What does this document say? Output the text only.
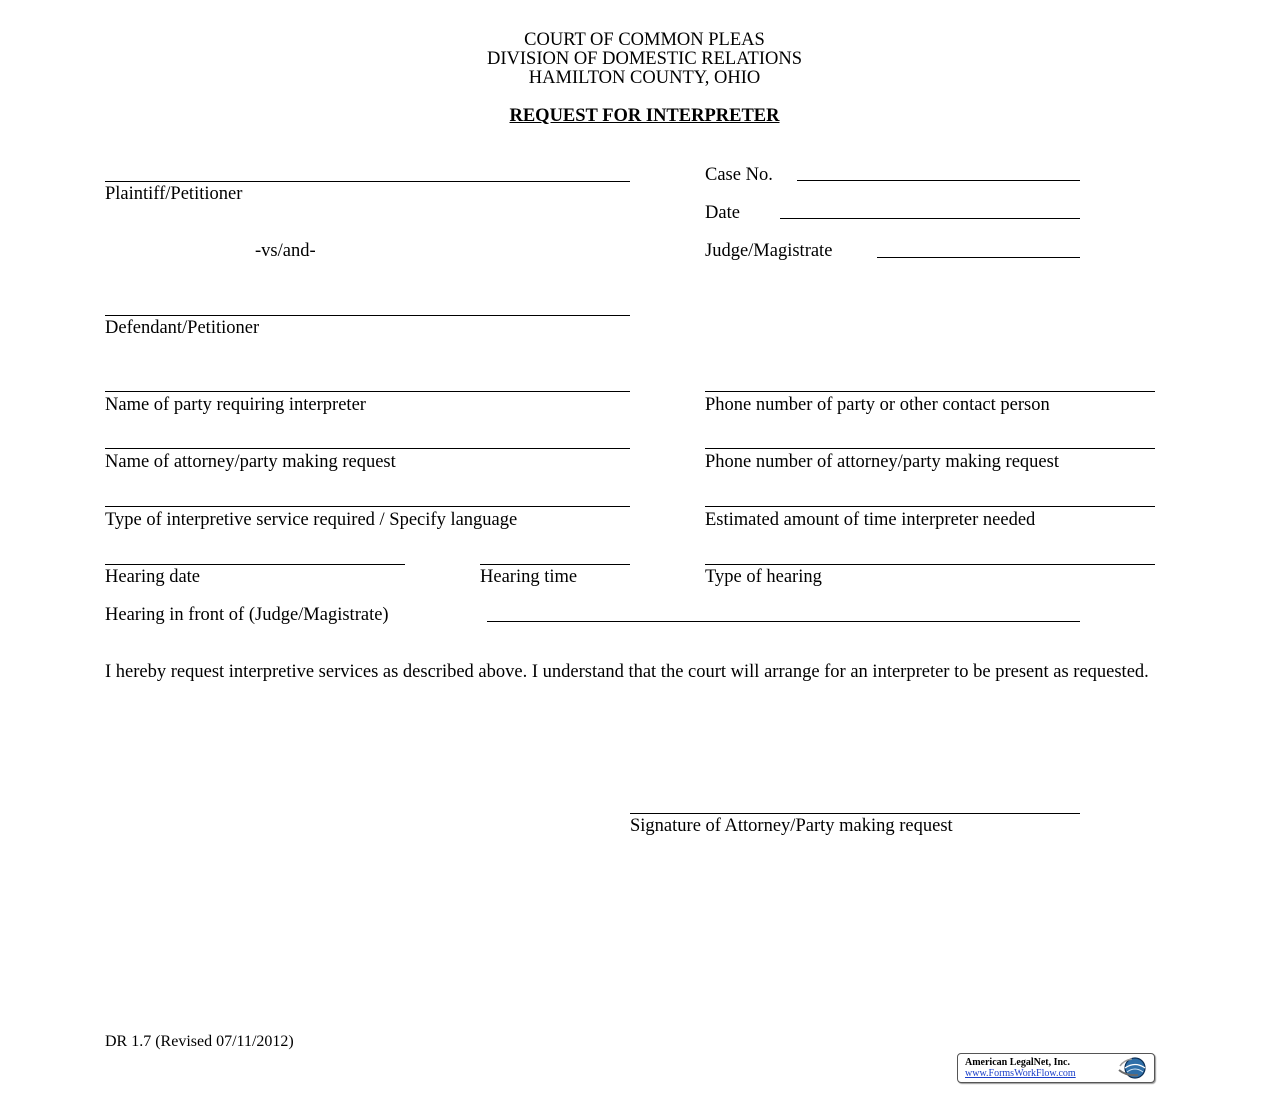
COURT OF COMMON PLEAS
DIVISION OF DOMESTIC RELATIONS
HAMILTON COUNTY, OHIO
REQUEST FOR INTERPRETER
Plaintiff/Petitioner
-vs/and-
Defendant/Petitioner
Case No.
Date
Judge/Magistrate
Name of party requiring interpreter	Phone number of party or other contact person
Name of attorney/party making request	Phone number of attorney/party making request
Type of interpretive service required / Specify language	Estimated amount of time interpreter needed
Hearing date	Hearing time	Type of hearing
Hearing in front of (Judge/Magistrate)
I hereby request interpretive services as described above. I understand that the court will arrange for an interpreter to be present as requested.
Signature of Attorney/Party making request
DR 1.7 (Revised 07/11/2012)
American LegalNet, Inc.
www.FormsWorkFlow.com
